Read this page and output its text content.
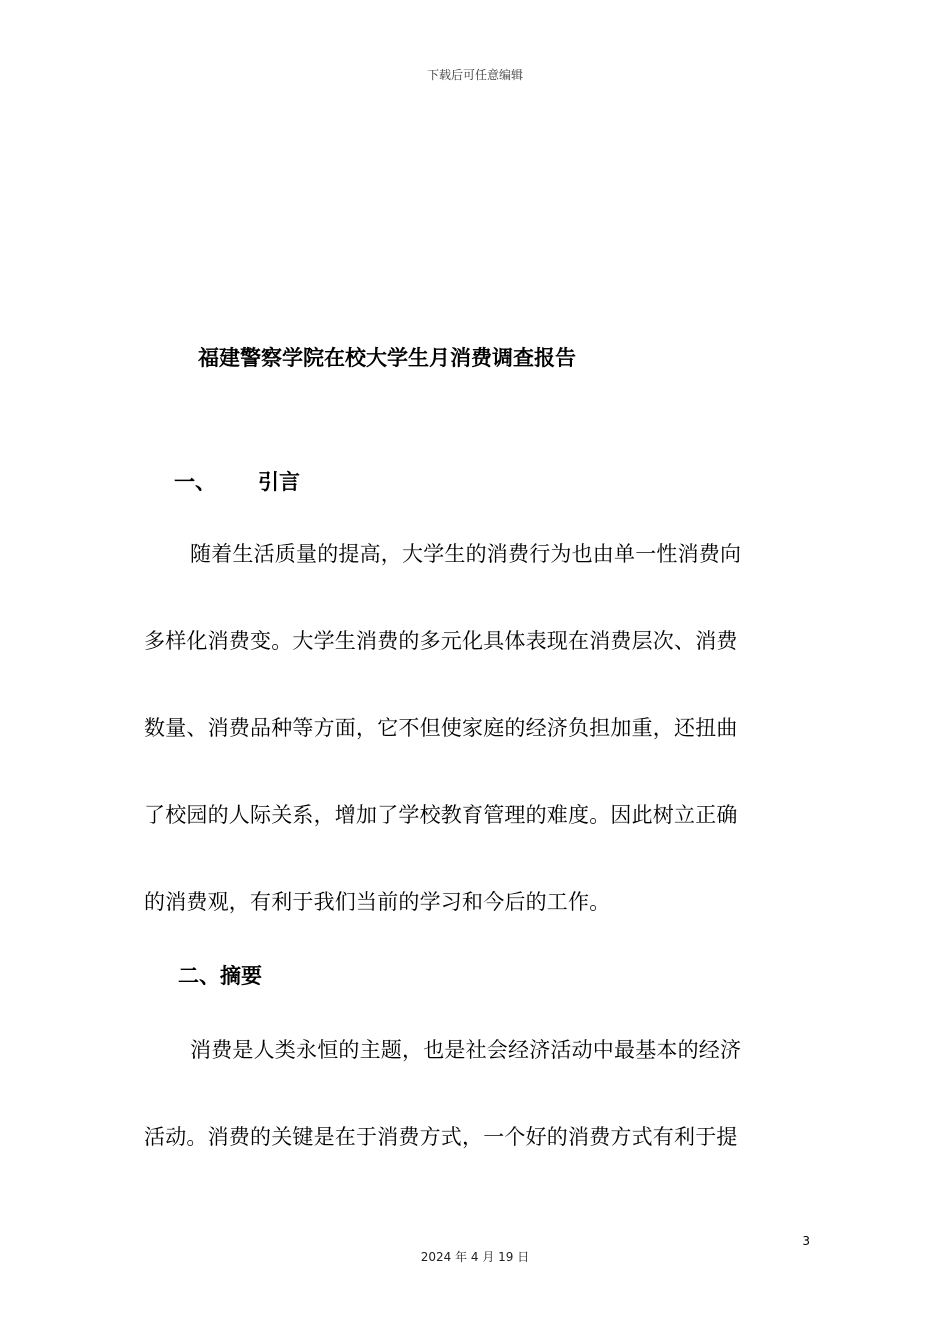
下载后可任意编辑
福建警察学院在校大学生月消费调查报告
一、 引言
随着生活质量的提高，大学生的消费行为也由单一性消费向
多样化消费变。大学生消费的多元化具体表现在消费层次、消费
数量、消费品种等方面，它不但使家庭的经济负担加重，还扭曲
了校园的人际关系，增加了学校教育管理的难度。因此树立正确
的消费观，有利于我们当前的学习和今后的工作。
二、摘要
消费是人类永恒的主题，也是社会经济活动中最基本的经济
活动。消费的关键是在于消费方式，一个好的消费方式有利于提
3
2024 年 4 月 19 日
